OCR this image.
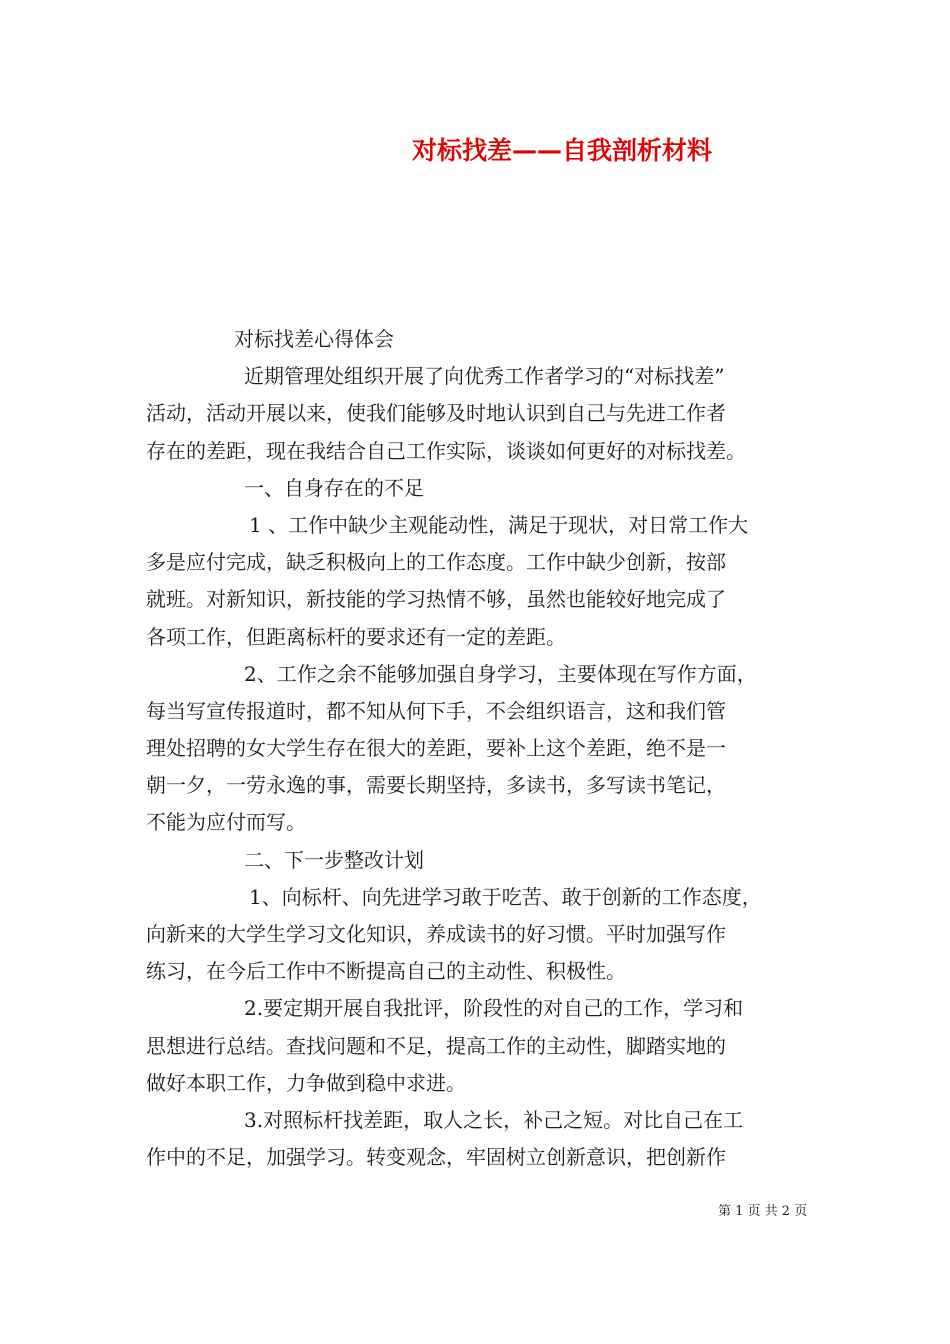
对标找差——自我剖析材料
对标找差心得体会
近期管理处组织开展了向优秀工作者学习的“对标找差”
活动，活动开展以来，使我们能够及时地认识到自己与先进工作者
存在的差距，现在我结合自己工作实际，谈谈如何更好的对标找差。
一、自身存在的不足
1 、工作中缺少主观能动性，满足于现状，对日常工作大
多是应付完成，缺乏积极向上的工作态度。工作中缺少创新，按部
就班。对新知识，新技能的学习热情不够，虽然也能较好地完成了
各项工作，但距离标杆的要求还有一定的差距。
2、工作之余不能够加强自身学习，主要体现在写作方面，
每当写宣传报道时，都不知从何下手，不会组织语言，这和我们管
理处招聘的女大学生存在很大的差距，要补上这个差距，绝不是一
朝一夕，一劳永逸的事，需要长期坚持，多读书，多写读书笔记，
不能为应付而写。
二、下一步整改计划
1、向标杆、向先进学习敢于吃苦、敢于创新的工作态度，
向新来的大学生学习文化知识，养成读书的好习惯。平时加强写作
练习，在今后工作中不断提高自己的主动性、积极性。
2.要定期开展自我批评，阶段性的对自己的工作，学习和
思想进行总结。查找问题和不足，提高工作的主动性，脚踏实地的
做好本职工作，力争做到稳中求进。
3.对照标杆找差距，取人之长，补己之短。对比自己在工
作中的不足，加强学习。转变观念，牢固树立创新意识，把创新作
第 1 页 共 2 页
